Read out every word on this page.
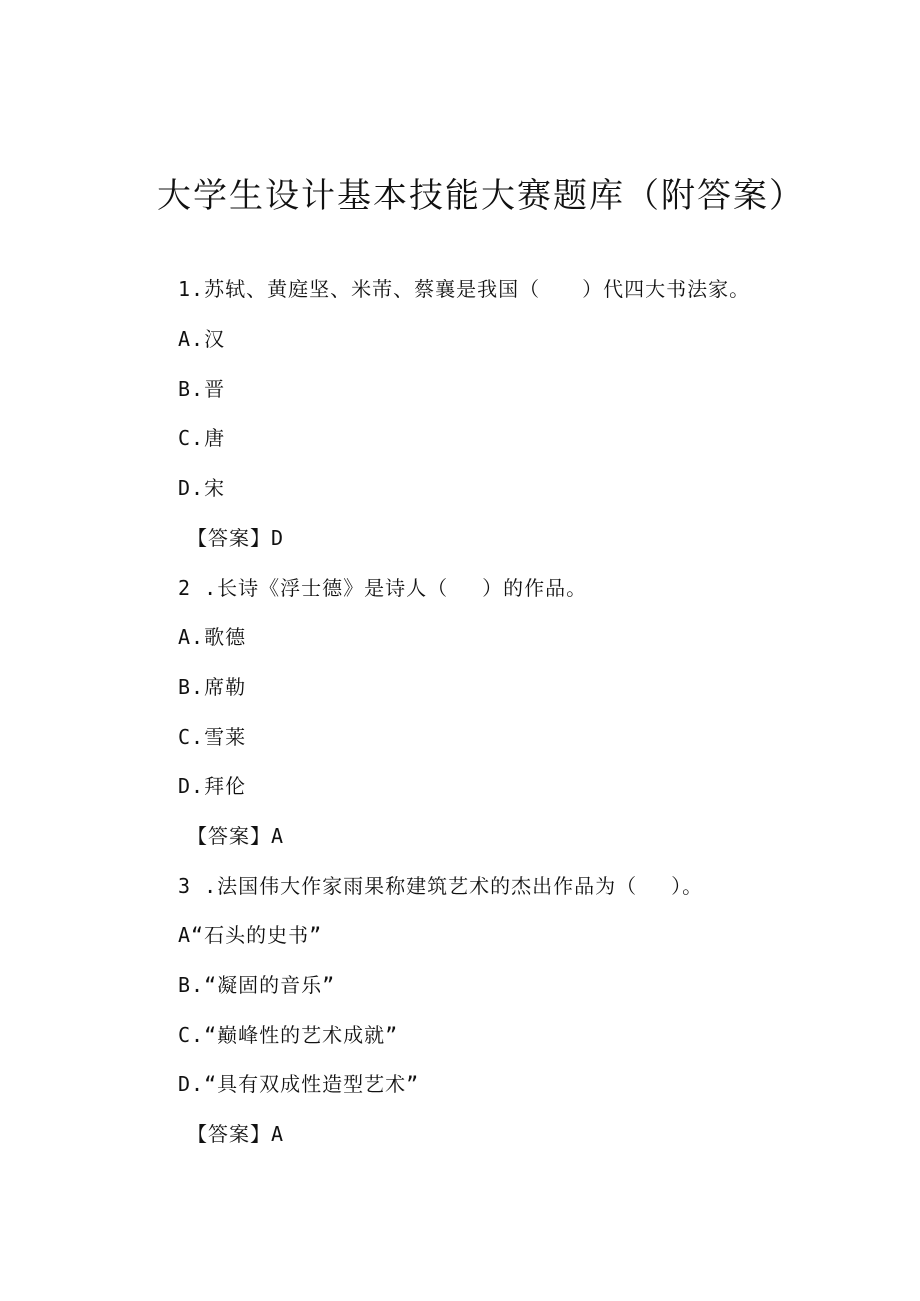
大学生设计基本技能大赛题库（附答案）
1.苏轼、黄庭坚、米芾、蔡襄是我国（　　）代四大书法家。
A.汉
B.晋
C.唐
D.宋
【答案】D
2 .长诗《浮士德》是诗人（　 ）的作品。
A.歌德
B.席勒
C.雪莱
D.拜伦
【答案】A
3 .法国伟大作家雨果称建筑艺术的杰出作品为（　 ）。
A“石头的史书”
B.“凝固的音乐”
C.“巅峰性的艺术成就”
D.“具有双成性造型艺术”
【答案】A
